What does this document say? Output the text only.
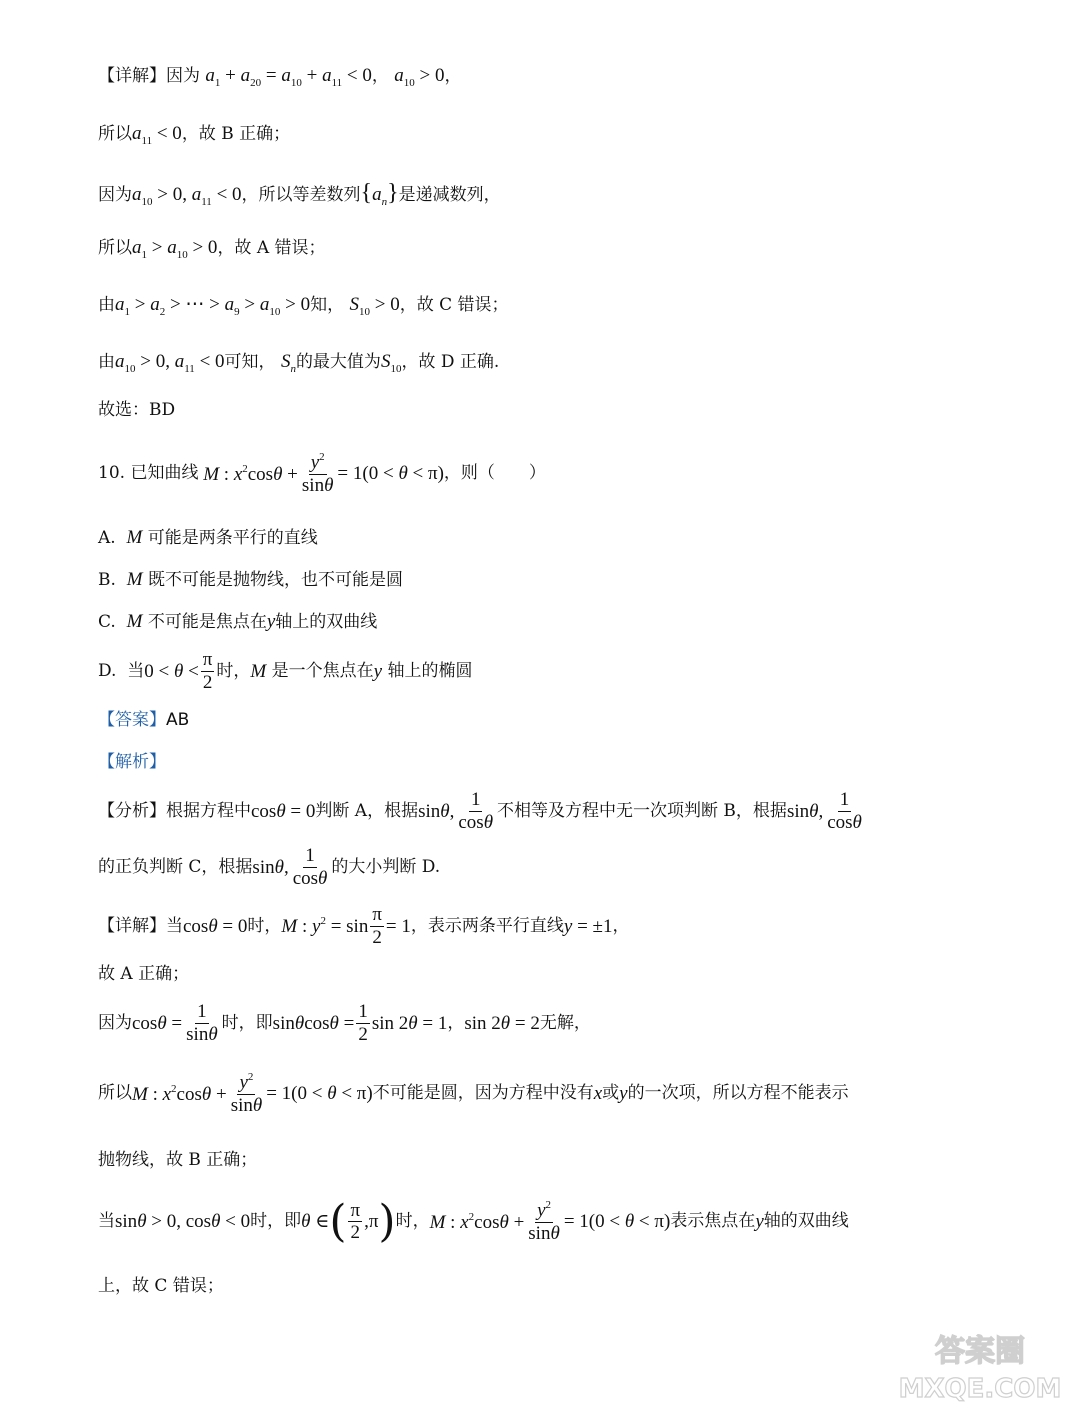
【详解】因为 $a_1 + a_{20} = a_{10} + a_{11} < 0$， $a_{10} > 0$，
所以$a_{11} < 0$，故 B 正确；
因为$a_{10} > 0$, $a_{11} < 0$，所以等差数列$\{a_n\}$是递减数列，
所以$a_1 > a_{10} > 0$，故 A 错误；
由$a_1 > a_2$ > ⋯ > $a_9 > a_{10} > 0$知， $S_{10} > 0$，故 C 错误；
由$a_{10} > 0$, $a_{11} < 0$可知， $S_n$的最大值为$S_{10}$，故 D 正确.
故选：BD
10. 已知曲线 M : $x^2\cos\theta + \frac{y^2}{\sin\theta} = 1(0 < \theta < \pi)$ ，则（　　）
A. M 可能是两条平行的直线
B. M 既不可能是抛物线，也不可能是圆
C. M 不可能是焦点在y轴上的双曲线
D.
当 $0 < \theta < \frac{\pi}{2}$ 时， M
是一个焦点在 y
轴上的椭圆
【答案】AB
【解析】
【分析】 根据方程中 cosθ = 0 判断 A，根据 sinθ, $\frac{1}{\cos\theta}$ 不相等及方程中无一次项判断 B，根据 sinθ, $\frac{1}{\cos\theta}$
的正负判断 C，根据 sinθ, $\frac{1}{\cos\theta}$ 的大小判断 D.
【详解】 当 cosθ = 0 时， M : $y^2 = \sin \frac{\pi}{2} = 1$ ，表示两条平行直线 y = ±1 ，
故 A 正确；
因为 $\cos\theta = \frac{1}{\sin\theta}$ 时，即 $\sin\theta\cos\theta = \frac{1}{2}$ sin 2θ = 1 ， sin 2θ = 2 无解，
所以 M : $x^2\cos\theta + \frac{y^2}{\sin\theta} = 1(0 < \theta < \pi)$ 不可能是圆，因为方程中没有 x 或 y 的一次项，所以方程不能表示
抛物线，故 B 正确；
当 sinθ > 0, cosθ < 0 时，即 θ ∈ ( $\frac{\pi}{2} ,\pi$ ) 时， M : $x^2\cos\theta + \frac{y^2}{\sin\theta} = 1(0 < \theta < \pi)$ 表示焦点在 y 轴的双曲线
上，故 C 错误；
答案圈
MXQE.COM
